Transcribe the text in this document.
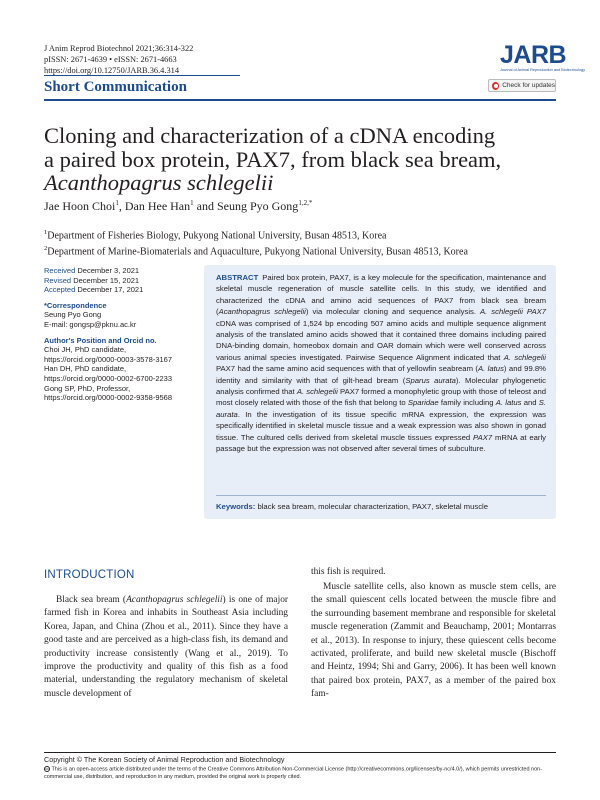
J Anim Reprod Biotechnol 2021;36:314-322
pISSN: 2671-4639 • eISSN: 2671-4663
https://doi.org/10.12750/JARB.36.4.314
Short Communication
JARB
Journal of Animal Reproduction and Biotechnology
Check for updates
Cloning and characterization of a cDNA encoding
a paired box protein, PAX7, from black sea bream,
Acanthopagrus schlegelii
Jae Hoon Choi$^1$, Dan Hee Han$^1$ and Seung Pyo Gong$^{1,2,*}$
$^1$Department of Fisheries Biology, Pukyong National University, Busan 48513, Korea
$^2$Department of Marine-Biomaterials and Aquaculture, Pukyong National University, Busan 48513, Korea
Received December 3, 2021
Revised December 15, 2021
Accepted December 17, 2021
*Correspondence
Seung Pyo Gong
E-mail: gongsp@pknu.ac.kr
Author's Position and Orcid no.
Choi JH, PhD candidate,
https://orcid.org/0000-0003-3578-3167
Han DH, PhD candidate,
https://orcid.org/0000-0002-6700-2233
Gong SP, PhD, Professor,
https://orcid.org/0000-0002-9358-9568
ABSTRACT Paired box protein, PAX7, is a key molecule for the specification, maintenance and skeletal muscle regeneration of muscle satellite cells. In this study, we identified and characterized the cDNA and amino acid sequences of PAX7 from black sea bream (Acanthopagrus schlegelii) via molecular cloning and sequence analysis. A. schlegelii PAX7 cDNA was comprised of 1,524 bp encoding 507 amino acids and multiple sequence alignment analysis of the translated amino acids showed that it contained three domains including paired DNA-binding domain, homeobox domain and OAR domain which were well conserved across various animal species investigated. Pairwise Sequence Alignment indicated that A. schlegelii PAX7 had the same amino acid sequences with that of yellowfin seabream (A. latus) and 99.8% identity and similarity with that of gilt-head bream (Sparus aurata). Molecular phylogenetic analysis confirmed that A. schlegelii PAX7 formed a monophyletic group with those of teleost and most closely related with those of the fish that belong to Sparidae family including A. latus and S. aurata. In the investigation of its tissue specific mRNA expression, the expression was specifically identified in skeletal muscle tissue and a weak expression was also shown in gonad tissue. The cultured cells derived from skeletal muscle tissues expressed PAX7 mRNA at early passage but the expression was not observed after several times of subculture.
Keywords: black sea bream, molecular characterization, PAX7, skeletal muscle
INTRODUCTION

Black sea bream (Acanthopagrus schlegelii) is one of major farmed fish in Korea and inhabits in Southeast Asia including Korea, Japan, and China (Zhou et al., 2011). Since they have a good taste and are perceived as a high-class fish, its demand and productivity increase consistently (Wang et al., 2019). To improve the productivity and quality of this fish as a food material, understanding the regulatory mechanism of skeletal muscle development of

this fish is required.

Muscle satellite cells, also known as muscle stem cells, are the small quiescent cells located between the muscle fibre and the surrounding basement membrane and responsible for skeletal muscle regeneration (Zammit and Beauchamp, 2001; Montarras et al., 2013). In response to injury, these quiescent cells become activated, proliferate, and build new skeletal muscle (Bischoff and Heintz, 1994; Shi and Garry, 2006). It has been well known that paired box protein, PAX7, as a member of the paired box fam-

Copyright © The Korean Society of Animal Reproduction and Biotechnology
cc This is an open-access article distributed under the terms of the Creative Commons Attribution Non-Commercial License (http://creativecommons.org/licenses/by-nc/4.0/), which permits unrestricted non-commercial use, distribution, and reproduction in any medium, provided the original work is properly cited.
